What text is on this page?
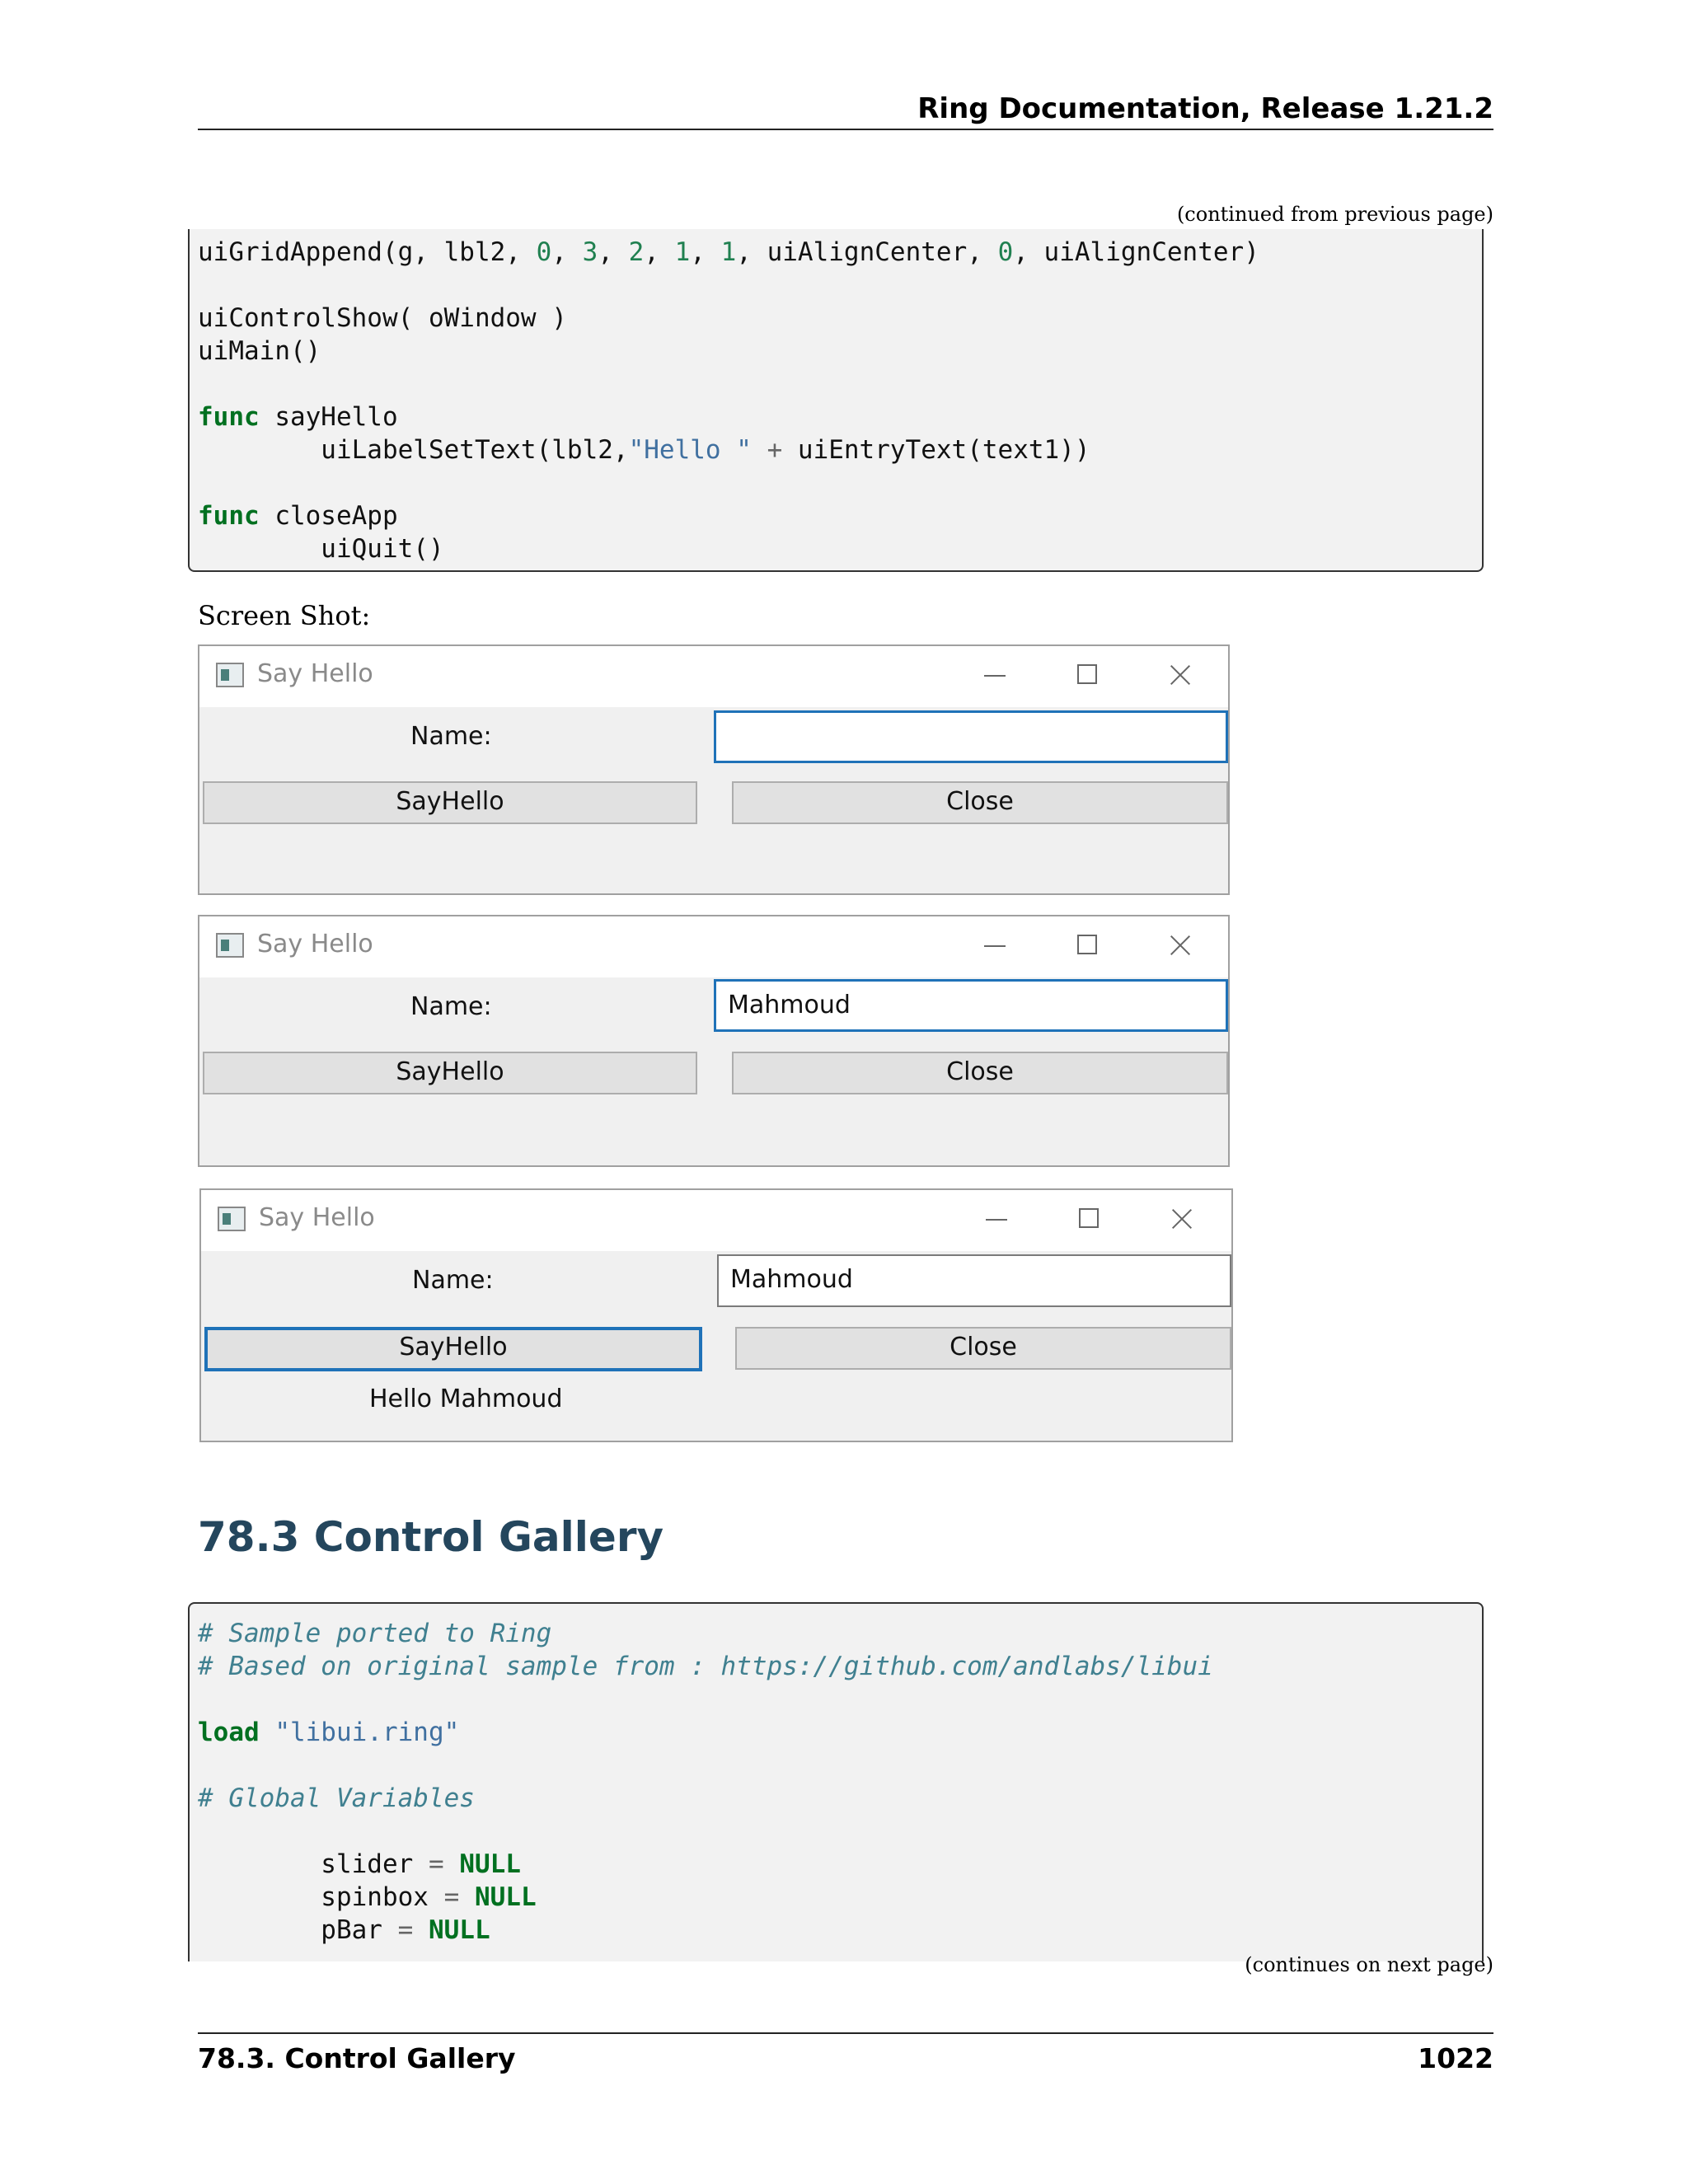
Ring Documentation, Release 1.21.2
(continued from previous page)
uiGridAppend(g, lbl2, 0, 3, 2, 1, 1, uiAlignCenter, 0, uiAlignCenter)
uiControlShow( oWindow )
uiMain()
func sayHello
uiLabelSetText(lbl2,"Hello " + uiEntryText(text1))
func closeApp
uiQuit()
Screen Shot:
Say Hello
Name:
SayHello	Close
Say Hello
Name:	Mahmoud
SayHello	Close
Say Hello
Name:	Mahmoud
SayHello	Close
Hello Mahmoud
78.3 Control Gallery
# Sample ported to Ring
# Based on original sample from : https://github.com/andlabs/libui
load "libui.ring"
# Global Variables
slider = NULL
spinbox = NULL
pBar = NULL
(continues on next page)
78.3. Control Gallery	1022
